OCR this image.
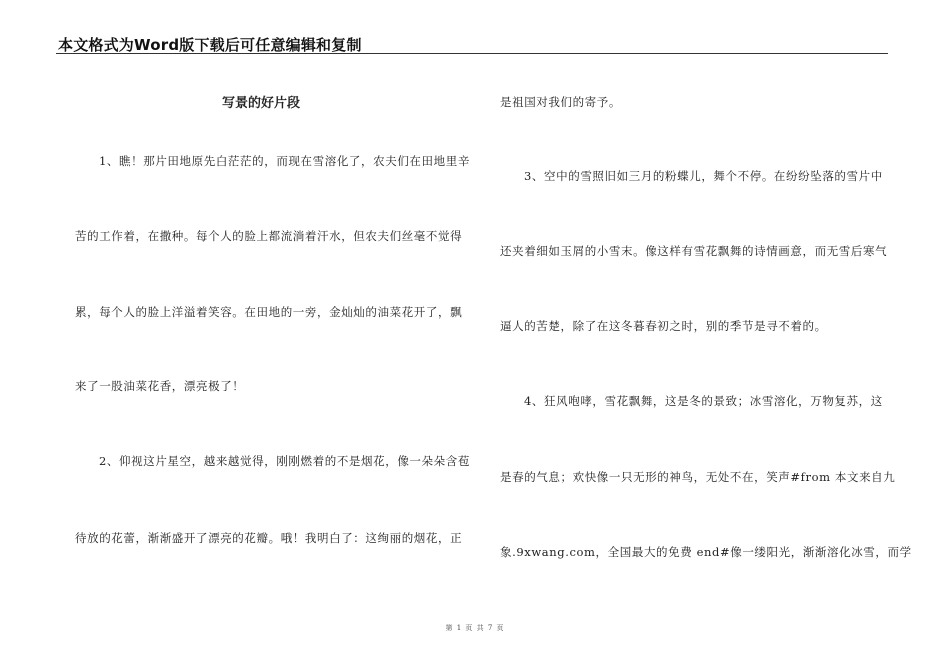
本文格式为Word版下载后可任意编辑和复制
写景的好片段
1、瞧！那片田地原先白茫茫的，而现在雪溶化了，农夫们在田地里辛
苦的工作着，在撒种。每个人的脸上都流淌着汗水，但农夫们丝毫不觉得
累，每个人的脸上洋溢着笑容。在田地的一旁，金灿灿的油菜花开了，飘
来了一股油菜花香，漂亮极了！
2、仰视这片星空，越来越觉得，刚刚燃着的不是烟花，像一朵朵含苞
待放的花蕾，渐渐盛开了漂亮的花瓣。哦！我明白了：这绚丽的烟花，正
是祖国对我们的寄予。
3、空中的雪照旧如三月的粉蝶儿，舞个不停。在纷纷坠落的雪片中
还夹着细如玉屑的小雪末。像这样有雪花飘舞的诗情画意，而无雪后寒气
逼人的苦楚，除了在这冬暮春初之时，别的季节是寻不着的。
4、狂风咆哮，雪花飘舞，这是冬的景致；冰雪溶化，万物复苏，这
是春的气息；欢快像一只无形的神鸟，无处不在，笑声#from 本文来自九
象.9xwang.com，全国最大的免费 end#像一缕阳光，渐渐溶化冰雪，而学
第 1 页 共 7 页
